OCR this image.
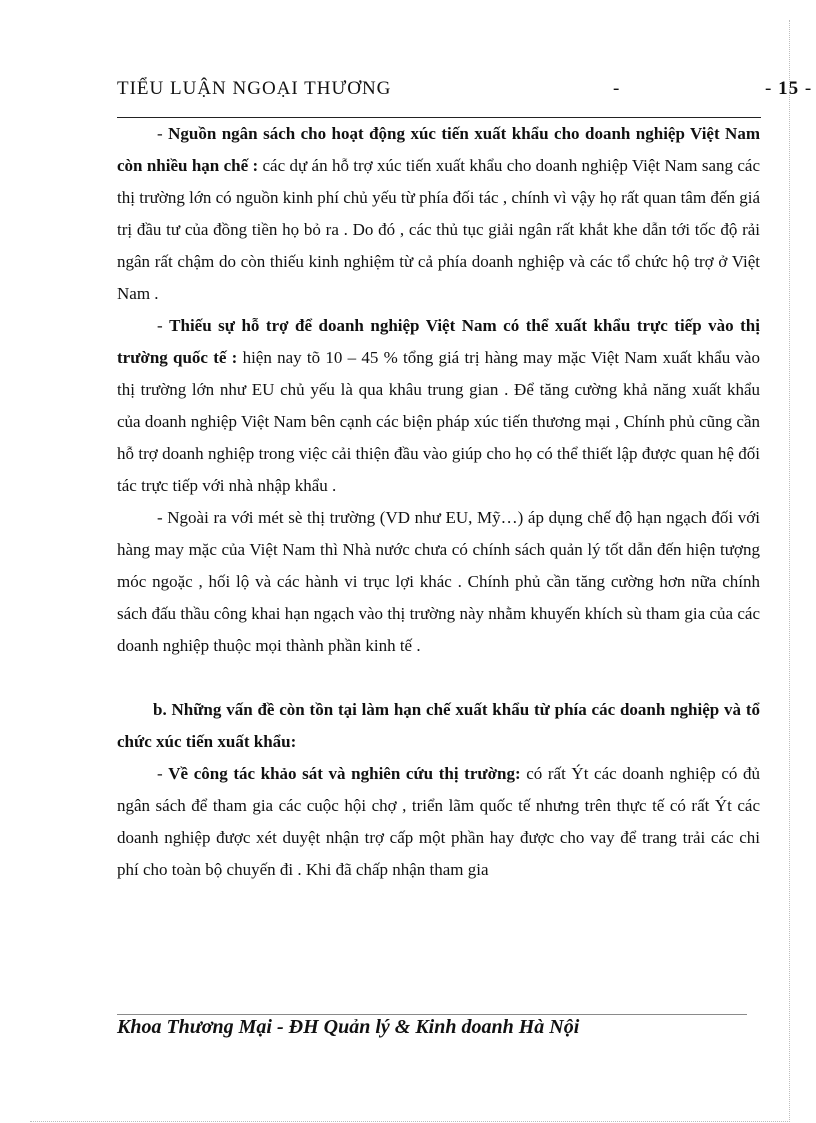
TIỂU LUẬN NGOẠI THƯƠNG	-	- 15 -

- Nguồn ngân sách cho hoạt động xúc tiến xuất khẩu cho doanh nghiệp Việt Nam còn nhiều hạn chế : các dự án hỗ trợ xúc tiến xuất khẩu cho doanh nghiệp Việt Nam sang các thị trường lớn có nguồn kinh phí chủ yếu từ phía đối tác , chính vì vậy họ rất quan tâm đến giá trị đầu tư của đồng tiền họ bỏ ra . Do đó , các thủ tục giải ngân rất khắt khe dẫn tới tốc độ rải ngân rất chậm do còn thiếu kinh nghiệm từ cả phía doanh nghiệp và các tổ chức hộ trợ ở Việt Nam .

- Thiếu sự hỗ trợ để doanh nghiệp Việt Nam có thể xuất khẩu trực tiếp vào thị trường quốc tế : hiện nay tõ 10 – 45 % tổng giá trị hàng may mặc Việt Nam xuất khẩu vào thị trường lớn như EU chủ yếu là qua khâu trung gian . Để tăng cường khả năng xuất khẩu của doanh nghiệp Việt Nam bên cạnh các biện pháp xúc tiến thương mại , Chính phủ cũng cần hỗ trợ doanh nghiệp trong việc cải thiện đầu vào giúp cho họ có thể thiết lập được quan hệ đối tác trực tiếp với nhà nhập khẩu .

- Ngoài ra với mét sè thị trường (VD như EU, Mỹ…) áp dụng chế độ hạn ngạch đối với hàng may mặc của Việt Nam thì Nhà nước chưa có chính sách quản lý tốt dẫn đến hiện tượng móc ngoặc , hối lộ và các hành vi trục lợi khác . Chính phủ cần tăng cường hơn nữa chính sách đấu thầu công khai hạn ngạch vào thị trường này nhằm khuyến khích sù tham gia của các doanh nghiệp thuộc mọi thành phần kinh tế .

b. Những vấn đề còn tồn tại làm hạn chế xuất khẩu từ phía các doanh nghiệp và tổ chức xúc tiến xuất khẩu:

- Về công tác khảo sát và nghiên cứu thị trường: có rất Ýt các doanh nghiệp có đủ ngân sách để tham gia các cuộc hội chợ , triển lãm quốc tế nhưng trên thực tế có rất Ýt các doanh nghiệp được xét duyệt nhận trợ cấp một phần hay được cho vay để trang trải các chi phí cho toàn bộ chuyến đi . Khi đã chấp nhận tham gia

Khoa Thương Mại - ĐH Quản lý & Kinh doanh Hà Nội
